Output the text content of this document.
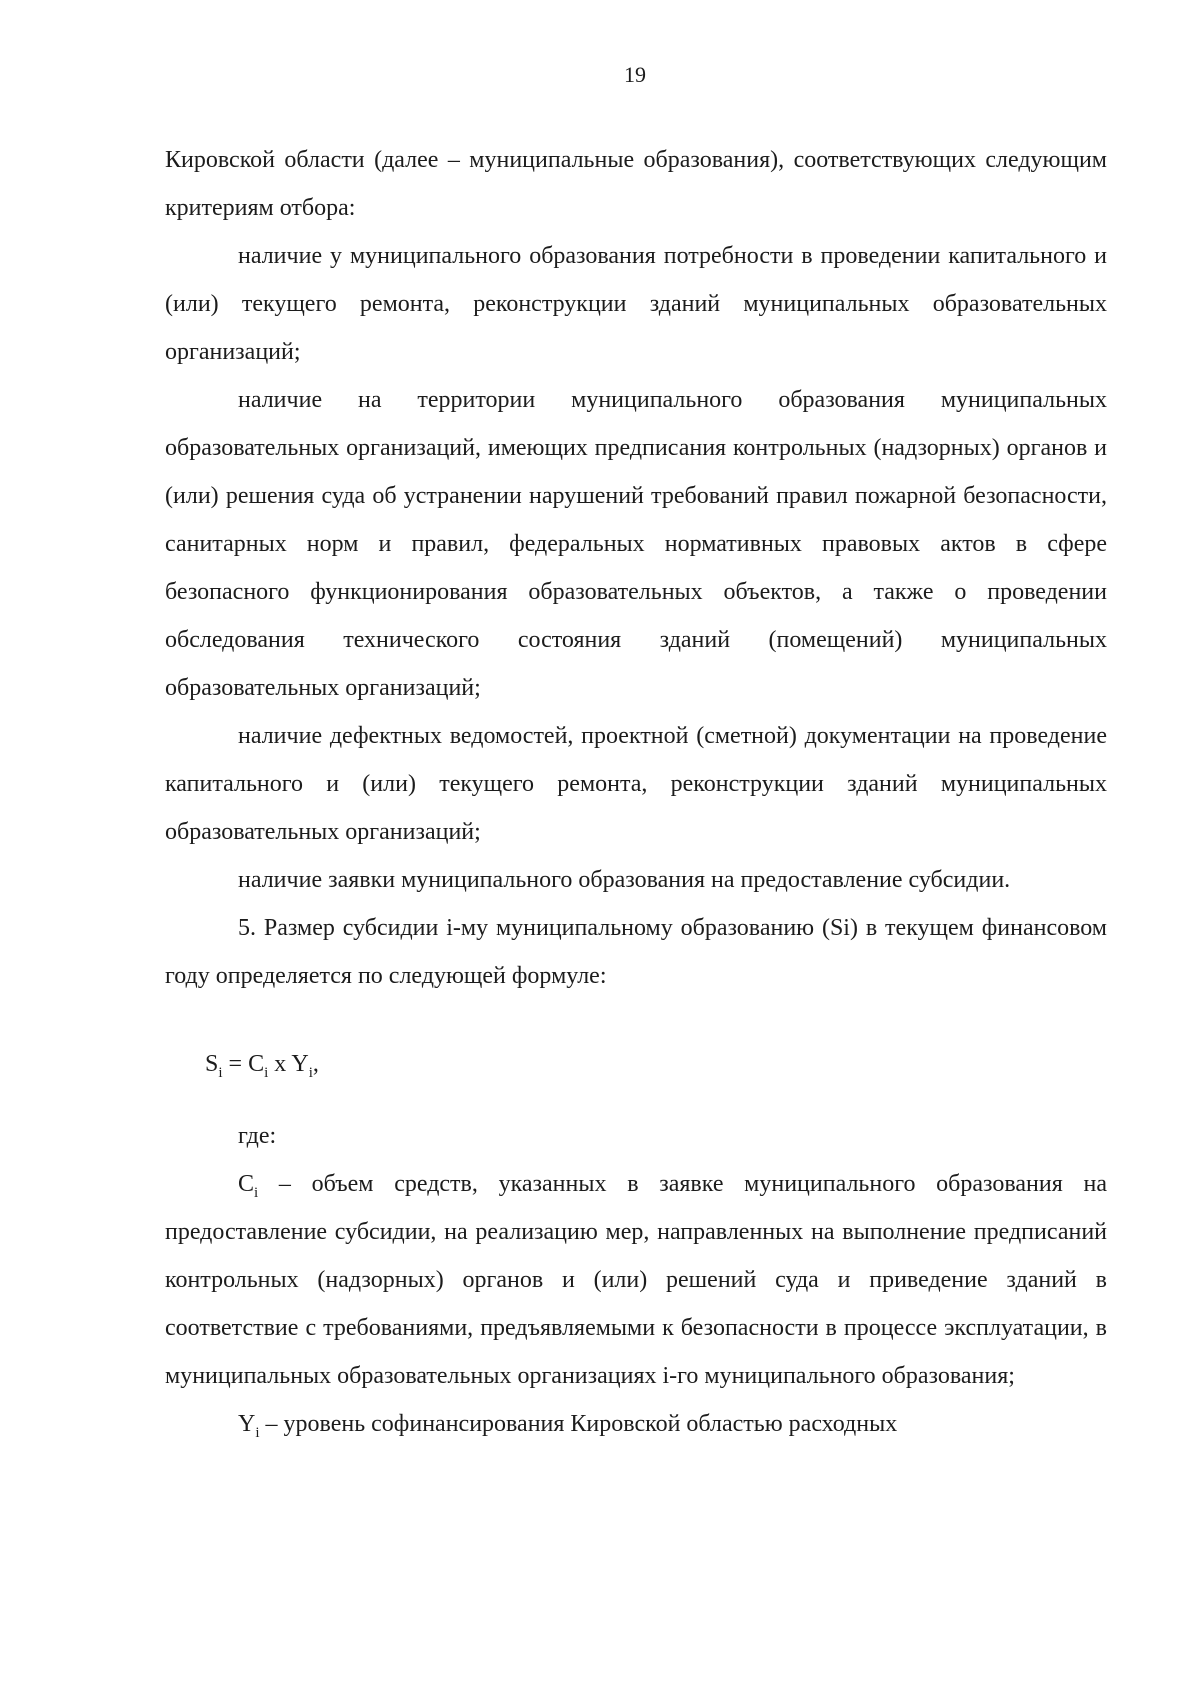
19

Кировской области (далее – муниципальные образования), соответствующих следующим критериям отбора:

наличие у муниципального образования потребности в проведении капитального и (или) текущего ремонта, реконструкции зданий муниципальных образовательных организаций;

наличие на территории муниципального образования муниципальных образовательных организаций, имеющих предписания контрольных (надзорных) органов и (или) решения суда об устранении нарушений требований правил пожарной безопасности, санитарных норм и правил, федеральных нормативных правовых актов в сфере безопасного функционирования образовательных объектов, а также о проведении обследования технического состояния зданий (помещений) муниципальных образовательных организаций;

наличие дефектных ведомостей, проектной (сметной) документации на проведение капитального и (или) текущего ремонта, реконструкции зданий муниципальных образовательных организаций;

наличие заявки муниципального образования на предоставление субсидии.

5. Размер субсидии i-му муниципальному образованию (Si) в текущем финансовом году определяется по следующей формуле:

$S_i = C_i$ x $Y_i$,

где:

$C_i$ – объем средств, указанных в заявке муниципального образования на предоставление субсидии, на реализацию мер, направленных на выполнение предписаний контрольных (надзорных) органов и (или) решений суда и приведение зданий в соответствие с требованиями, предъявляемыми к безопасности в процессе эксплуатации, в муниципальных образовательных организациях i-го муниципального образования;

$Y_i$ – уровень софинансирования Кировской областью расходных
